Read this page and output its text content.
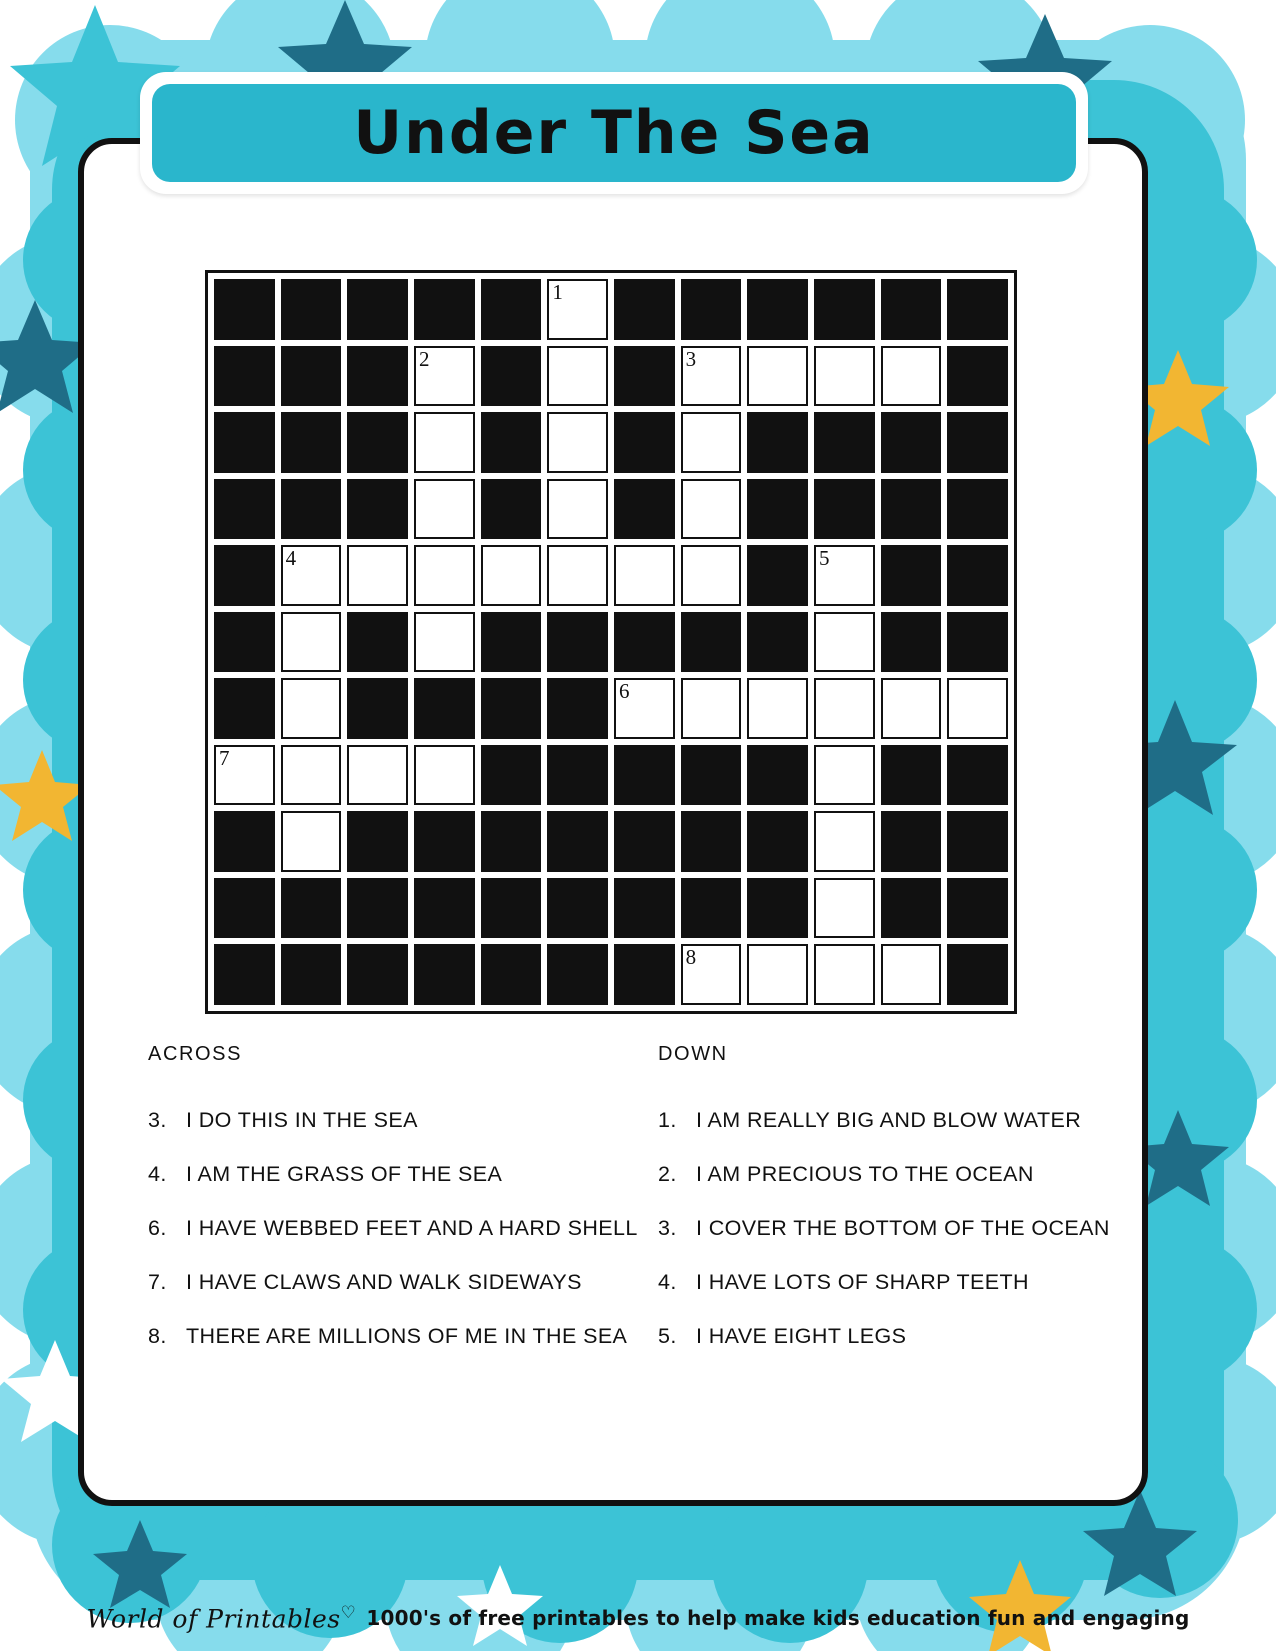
Under The Sea
1
2	3
4	5
6
7
8
ACROSS
3. I DO THIS IN THE SEA
4. I AM THE GRASS OF THE SEA
6. I HAVE WEBBED FEET AND A HARD SHELL
7. I HAVE CLAWS AND WALK SIDEWAYS
8. THERE ARE MILLIONS OF ME IN THE SEA
DOWN
1. I AM REALLY BIG AND BLOW WATER
2. I AM PRECIOUS TO THE OCEAN
3. I COVER THE BOTTOM OF THE OCEAN
4. I HAVE LOTS OF SHARP TEETH
5. I HAVE EIGHT LEGS
World of Printables♡ 1000's of free printables to help make kids education fun and engaging
